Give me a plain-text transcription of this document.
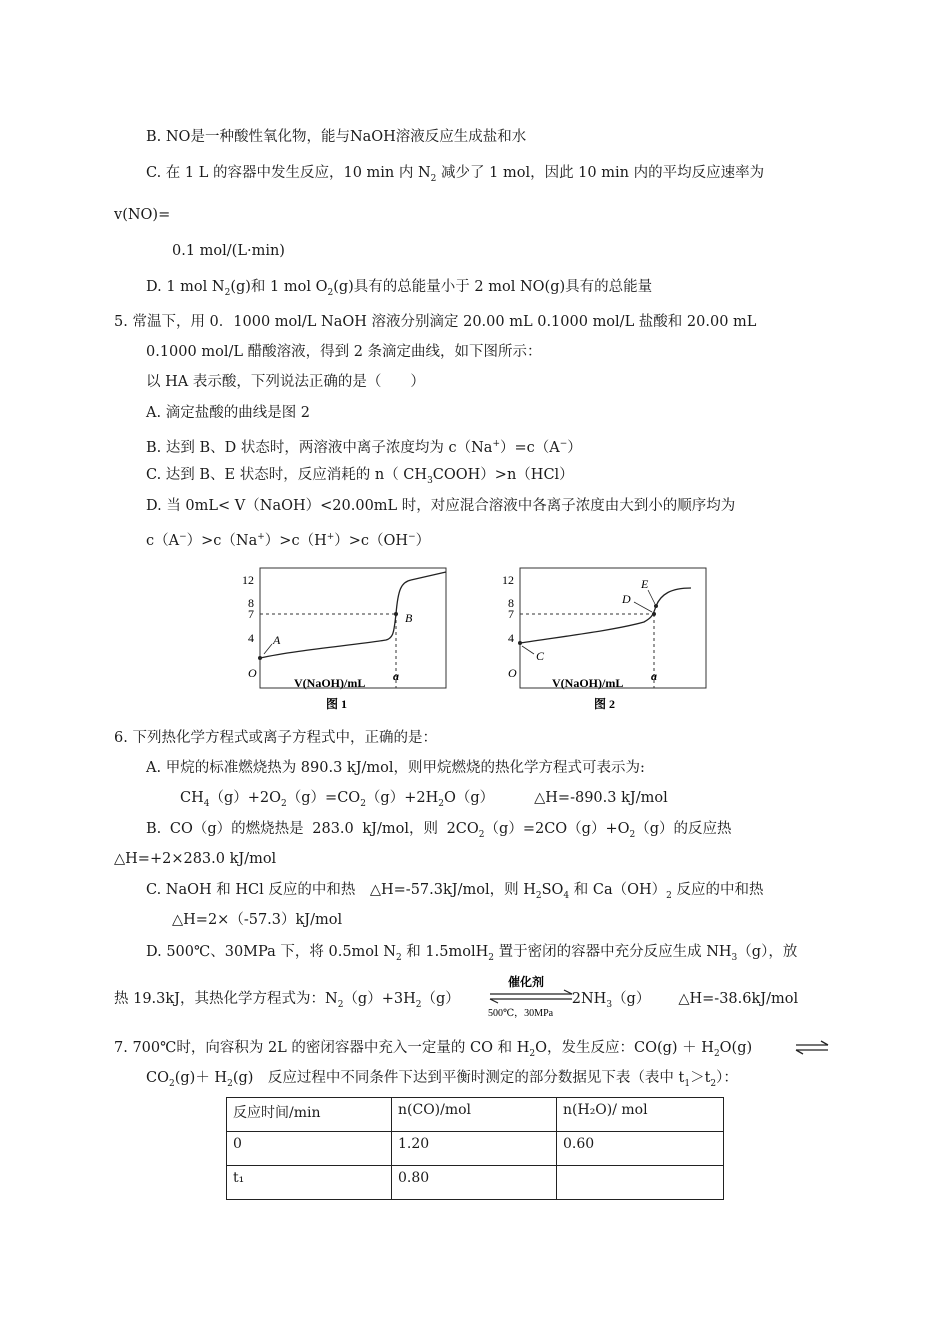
B. NO是一种酸性氧化物，能与NaOH溶液反应生成盐和水
C. 在 1 L 的容器中发生反应，10 min 内 $N_2$ 减少了 1 mol，因此 10 min 内的平均反应速率为
v(NO)=
0.1 mol/(L·min)
D. 1 mol $N_2(g)$和 1 mol $O_2(g)$具有的总能量小于 2 mol NO(g)具有的总能量
5. 常温下，用 0．1000 mol/L NaOH 溶液分别滴定 20.00 mL 0.1000 mol/L 盐酸和 20.00 mL
0.1000 mol/L 醋酸溶液，得到 2 条滴定曲线，如下图所示：
以 HA 表示酸，下列说法正确的是（　　）
A. 滴定盐酸的曲线是图 2
B. 达到 B、D 状态时，两溶液中离子浓度均为 c（Na+）=c（A−）
C. 达到 B、E 状态时，反应消耗的 n（ $CH_3COOH)>n(HCl)$
D. 当 0mL< V（NaOH）<20.00mL 时，对应混合溶液中各离子浓度由大到小的顺序均为
c（A−）>c（Na+）>c（H+）>c（OH−）
12
8
7
4
O
A
B
a
V(NaOH)/mL
图 1
12
8
7
4
O
C
D
E
a
V(NaOH)/mL
图 2
6. 下列热化学方程式或离子方程式中，正确的是：
A. 甲烷的标准燃烧热为 890.3 kJ/mol，则甲烷燃烧的热化学方程式可表示为:
$CH_4(g)+2O_2(g)=CO_2(g)+2H_2O(g)$	△H=-890.3 kJ/mol
B. CO（g）的燃烧热是 283.0 kJ/mol，则 $2CO_2(g)=2CO(g)+O_2(g)$的反应热
△H=+2×283.0 kJ/mol
C. NaOH 和 HCl 反应的中和热　△H=-57.3kJ/mol，则 $H_2SO_4$ 和 $Ca(OH)_2$ 反应的中和热
△H=2×（-57.3）kJ/mol
D. 500℃、30MPa 下，将 0.5mol $N_2$ 和 1.5molH$_2$ 置于密闭的容器中充分反应生成 $NH_3(g)$，放
热 19.3kJ，其热化学方程式为：$N_2(g)+3H_2(g)$	$2NH_3(g)$ △H=-38.6kJ/mol
催化剂
500℃，30MPa
7. 700℃时，向容积为 2L 的密闭容器中充入一定量的 CO 和 $H_2O$，发生反应：$CO(g) + H_2O(g)$
$CO_2(g)+ H_2(g)$　反应过程中不同条件下达到平衡时测定的部分数据见下表（表中 $t_1>t_2$）：
反应时间/min	n(CO)/mol	n(H₂O)/ mol
0	1.20	0.60
t₁	0.80	
